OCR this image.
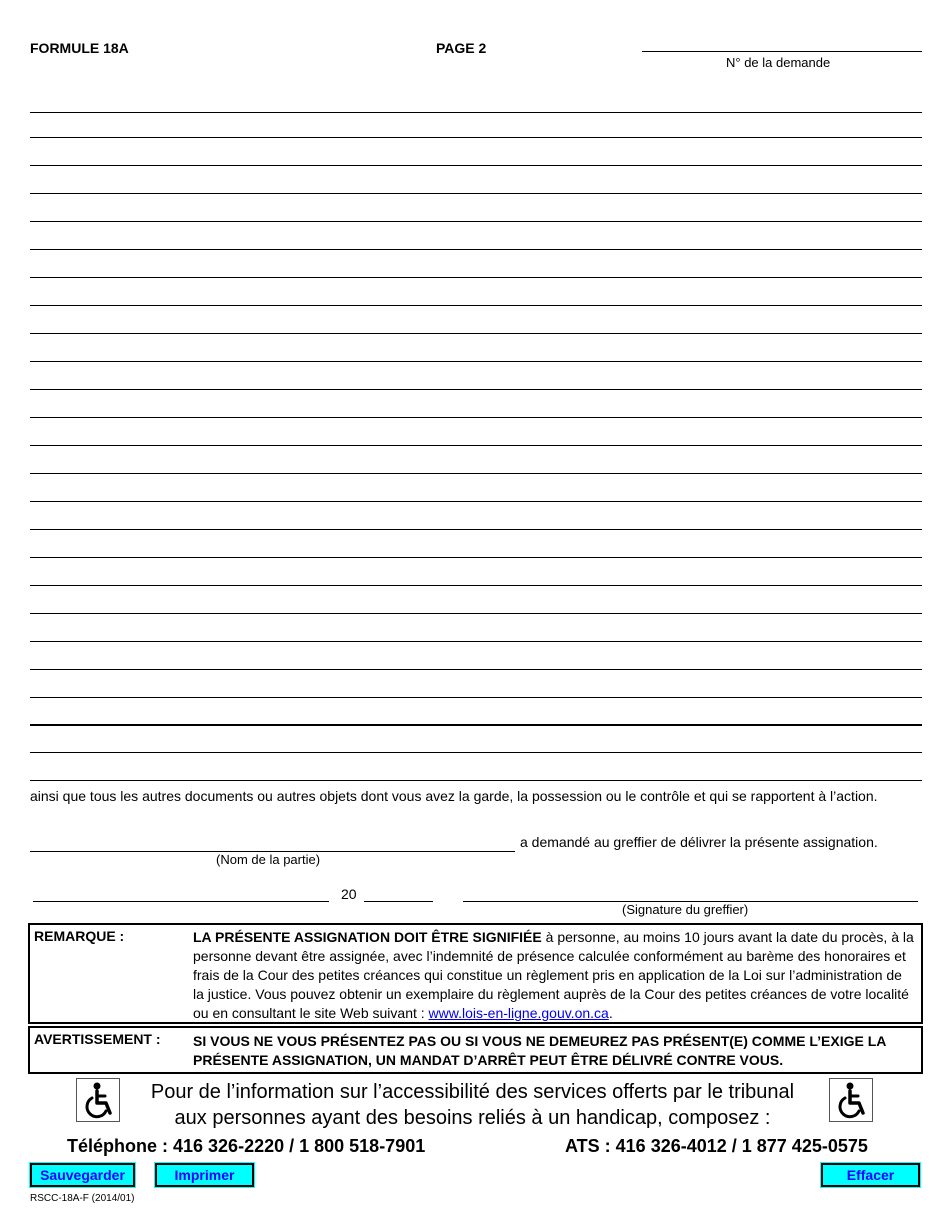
FORMULE 18A	PAGE 2
N° de la demande
ainsi que tous les autres documents ou autres objets dont vous avez la garde, la possession ou le contrôle et qui se rapportent à l’action.
a demandé au greffier de délivrer la présente assignation.
(Nom de la partie)
20
(Signature du greffier)
REMARQUE :	LA PRÉSENTE ASSIGNATION DOIT ÊTRE SIGNIFIÉE à personne, au moins 10 jours avant la date du procès, à la personne devant être assignée, avec l’indemnité de présence calculée conformément au barème des honoraires et frais de la Cour des petites créances qui constitue un règlement pris en application de la Loi sur l’administration de la justice. Vous pouvez obtenir un exemplaire du règlement auprès de la Cour des petites créances de votre localité ou en consultant le site Web suivant : www.lois-en-ligne.gouv.on.ca.
AVERTISSEMENT : SI VOUS NE VOUS PRÉSENTEZ PAS OU SI VOUS NE DEMEUREZ PAS PRÉSENT(E) COMME L’EXIGE LA PRÉSENTE ASSIGNATION, UN MANDAT D’ARRÊT PEUT ÊTRE DÉLIVRÉ CONTRE VOUS.
Pour de l’information sur l’accessibilité des services offerts par le tribunal
aux personnes ayant des besoins reliés à un handicap, composez :
Téléphone : 416 326-2220 / 1 800 518-7901	ATS : 416 326-4012 / 1 877 425-0575
Sauvegarder	Imprimer	Effacer
RSCC-18A-F (2014/01)
